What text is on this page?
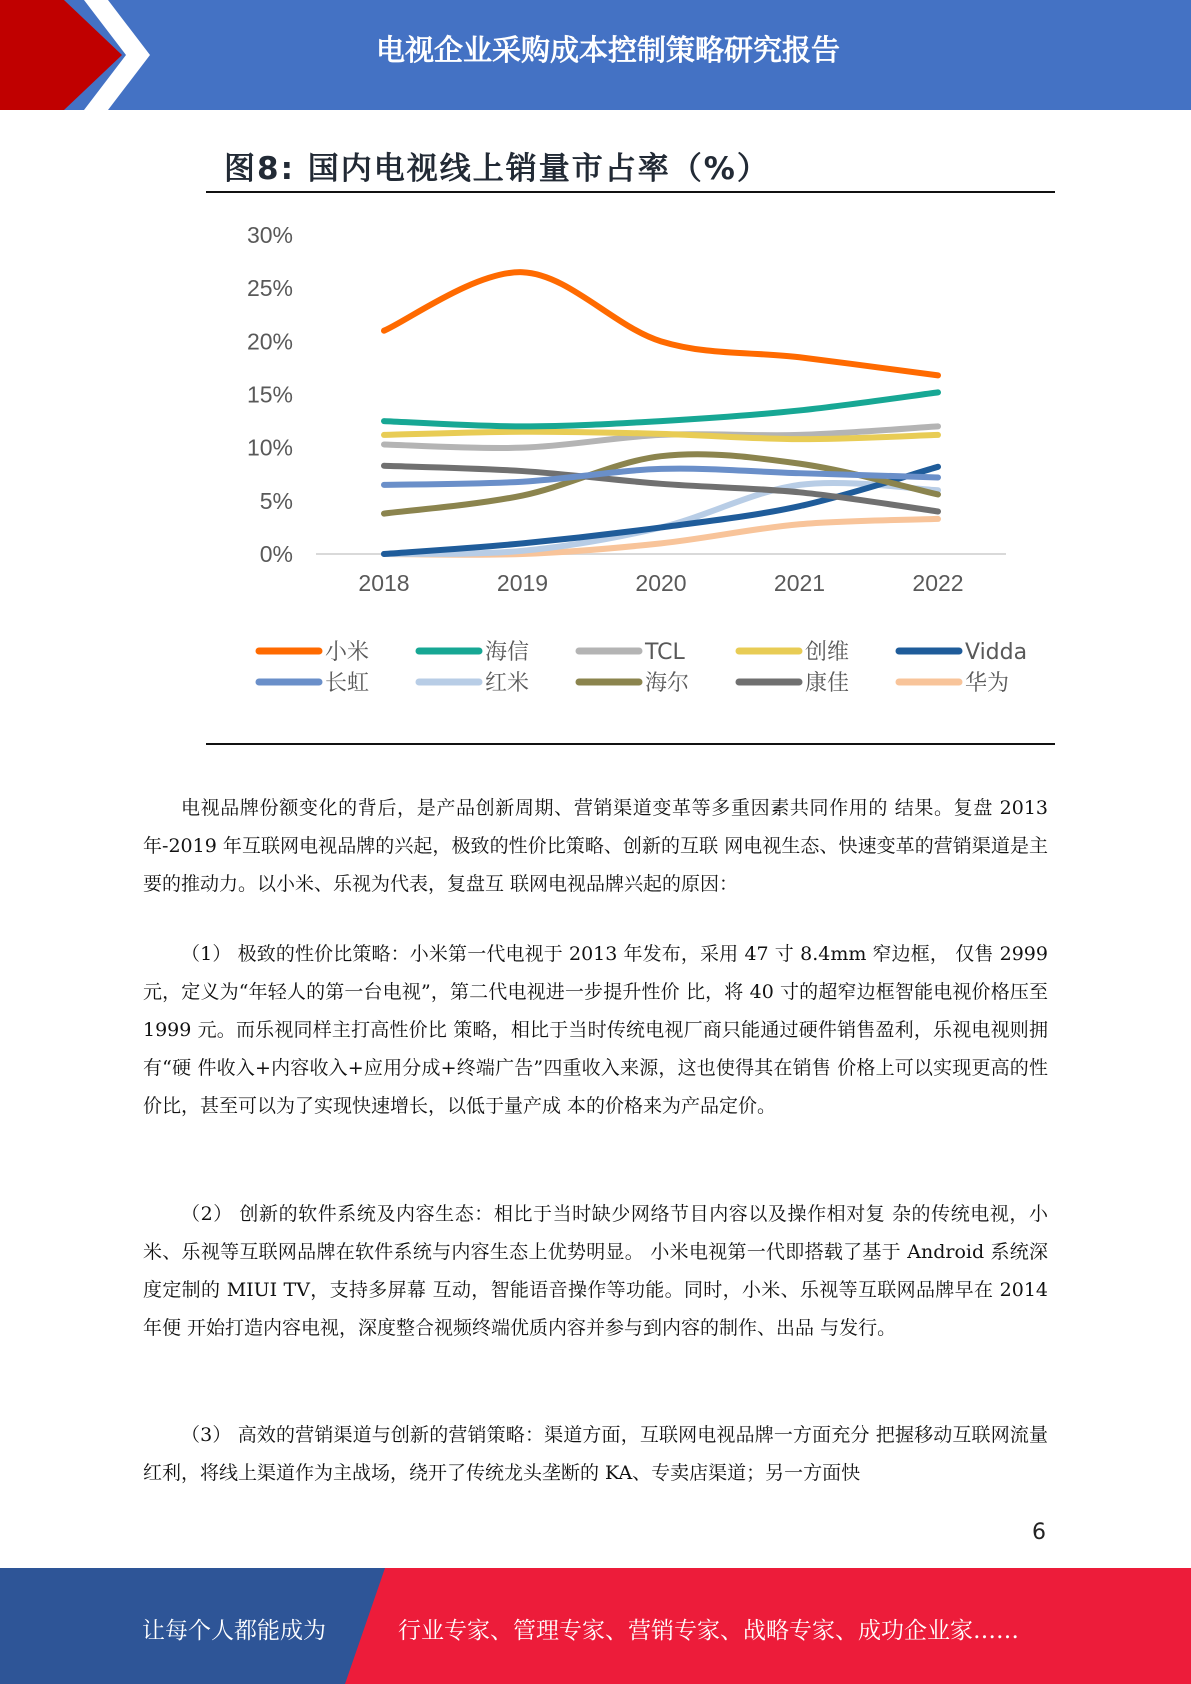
电视企业采购成本控制策略研究报告
图8: 国内电视线上销量市占率（%）
30%
25%
20%
15%
10%
5%
0%
2018	2019	2020	2021	2022
小米	海信	TCL	创维	Vidda
长虹	红米	海尔	康佳	华为

电视品牌份额变化的背后，是产品创新周期、营销渠道变革等多重因素共同作用的 结果。复盘 2013 年-2019 年互联网电视品牌的兴起，极致的性价比策略、创新的互联 网电视生态、快速变革的营销渠道是主要的推动力。以小米、乐视为代表，复盘互 联网电视品牌兴起的原因：

（1） 极致的性价比策略：小米第一代电视于 2013 年发布，采用 47 寸 8.4mm 窄边框， 仅售 2999 元，定义为“年轻人的第一台电视”，第二代电视进一步提升性价 比，将 40 寸的超窄边框智能电视价格压至 1999 元。而乐视同样主打高性价比 策略，相比于当时传统电视厂商只能通过硬件销售盈利，乐视电视则拥有“硬 件收入+内容收入+应用分成+终端广告”四重收入来源，这也使得其在销售 价格上可以实现更高的性价比，甚至可以为了实现快速增长，以低于量产成 本的价格来为产品定价。

（2） 创新的软件系统及内容生态：相比于当时缺少网络节目内容以及操作相对复 杂的传统电视，小米、乐视等互联网品牌在软件系统与内容生态上优势明显。 小米电视第一代即搭载了基于 Android 系统深度定制的 MIUI TV，支持多屏幕 互动，智能语音操作等功能。同时，小米、乐视等互联网品牌早在 2014 年便 开始打造内容电视，深度整合视频终端优质内容并参与到内容的制作、出品 与发行。

（3） 高效的营销渠道与创新的营销策略：渠道方面，互联网电视品牌一方面充分 把握移动互联网流量红利，将线上渠道作为主战场，绕开了传统龙头垄断的 KA、专卖店渠道；另一方面快

6
让每个人都能成为	行业专家、管理专家、营销专家、战略专家、成功企业家……
